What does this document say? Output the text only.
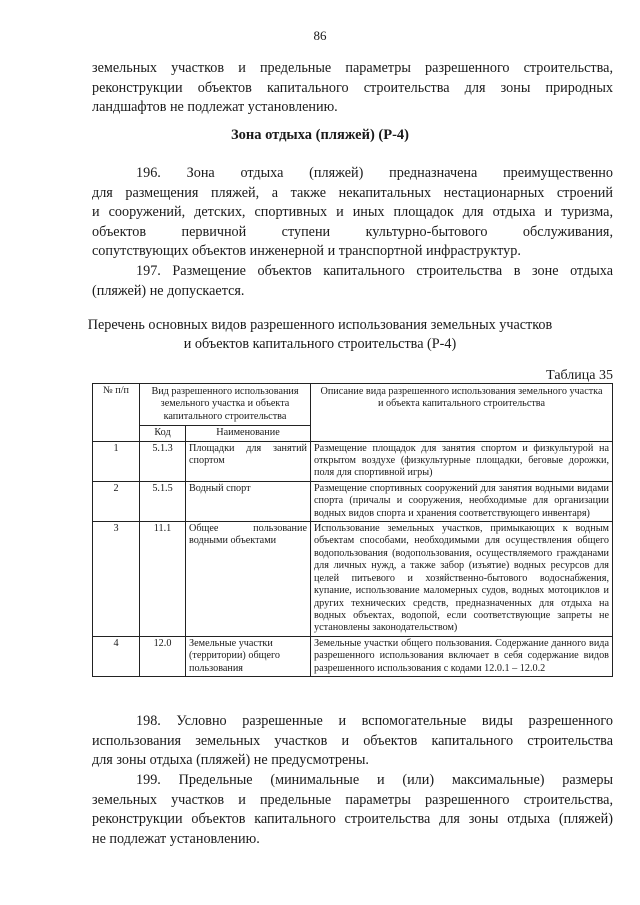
86
земельных участков и предельные параметры разрешенного строительства,
реконструкции объектов капитального строительства для зоны природных
ландшафтов не подлежат установлению.
Зона отдыха (пляжей) (Р-4)
196. Зона отдыха (пляжей) предназначена преимущественно
для размещения пляжей, а также некапитальных нестационарных строений
и сооружений, детских, спортивных и иных площадок для отдыха и туризма,
объектов первичной ступени культурно-бытового обслуживания,
сопутствующих объектов инженерной и транспортной инфраструктур.
197. Размещение объектов капитального строительства в зоне отдыха
(пляжей) не допускается.
Перечень основных видов разрешенного использования земельных участков
и объектов капитального строительства (Р-4)
Таблица 35
№ п/п	Вид разрешенного использования земельного участка и объекта капитального строительства		Описание вида разрешенного использования земельного участка и объекта капитального строительства
	Код	Наименование	
1	5.1.3	Площадки для занятий спортом	Размещение площадок для занятия спортом и физкультурой на открытом воздухе (физкультурные площадки, беговые дорожки, поля для спортивной игры)
2	5.1.5	Водный спорт	Размещение спортивных сооружений для занятия водными видами спорта (причалы и сооружения, необходимые для организации водных видов спорта и хранения соответствующего инвентаря)
3	11.1	Общее пользование водными объектами	Использование земельных участков, примыкающих к водным объектам способами, необходимыми для осуществления общего водопользования (водопользования, осуществляемого гражданами для личных нужд, а также забор (изъятие) водных ресурсов для целей питьевого и хозяйственно-бытового водоснабжения, купание, использование маломерных судов, водных мотоциклов и других технических средств, предназначенных для отдыха на водных объектах, водопой, если соответствующие запреты не установлены законодательством)
4	12.0	Земельные участки (территории) общего пользования	Земельные участки общего пользования. Содержание данного вида разрешенного использования включает в себя содержание видов разрешенного использования с кодами 12.0.1 – 12.0.2
198. Условно разрешенные и вспомогательные виды разрешенного
использования земельных участков и объектов капитального строительства
для зоны отдыха (пляжей) не предусмотрены.
199. Предельные (минимальные и (или) максимальные) размеры
земельных участков и предельные параметры разрешенного строительства,
реконструкции объектов капитального строительства для зоны отдыха (пляжей)
не подлежат установлению.
